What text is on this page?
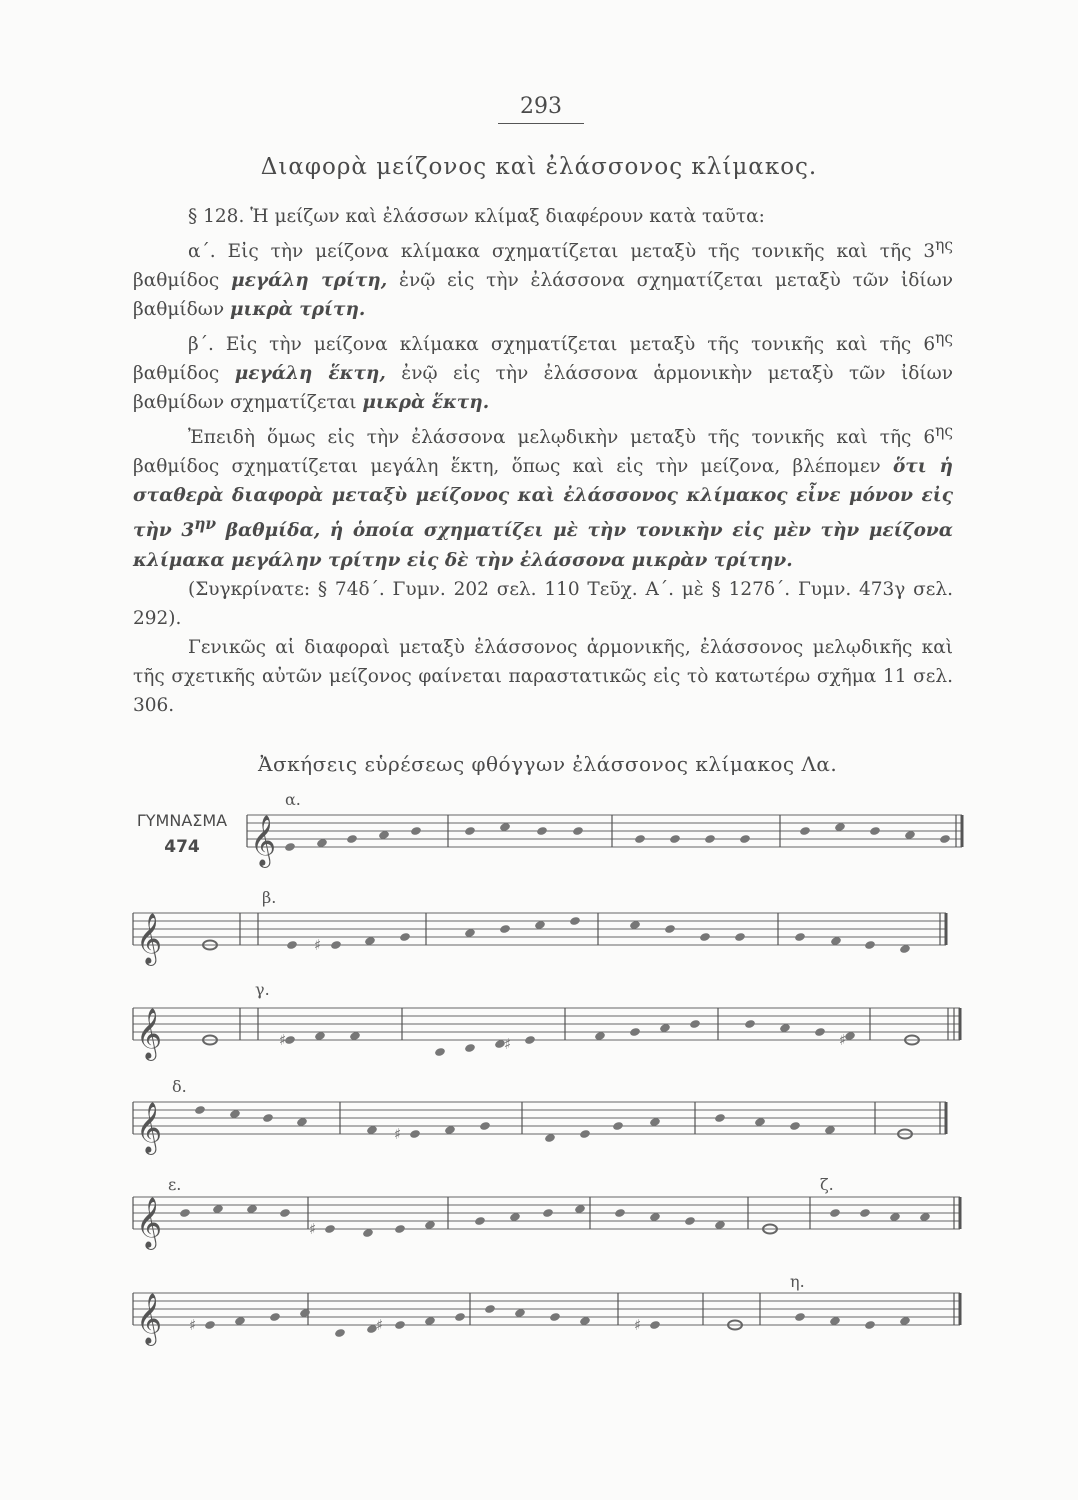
293
Διαφορὰ μείζονος καὶ ἐλάσσονος κλίμακος.

§ 128. Ἡ μείζων καὶ ἐλάσσων κλίμαξ διαφέρουν κατὰ ταῦτα:

α΄. Εἰς τὴν μείζονα κλίμακα σχηματίζεται μεταξὺ τῆς τονικῆς καὶ τῆς $3^{\eta\varsigma}$ βαθμίδος μεγάλη τρίτη, ἐνῷ εἰς τὴν ἐλάσσονα σχηματίζεται μεταξὺ τῶν ἰδίων βαθμίδων μικρὰ τρίτη.

β΄. Εἰς τὴν μείζονα κλίμακα σχηματίζεται μεταξὺ τῆς τονικῆς καὶ τῆς $6^{\eta\varsigma}$ βαθμίδος μεγάλη ἕκτη, ἐνῷ εἰς τὴν ἐλάσσονα ἁρμονικὴν μεταξὺ τῶν ἰδίων βαθμίδων σχηματίζεται μικρὰ ἕκτη.

Ἐπειδὴ ὅμως εἰς τὴν ἐλάσσονα μελῳδικὴν μεταξὺ τῆς τονικῆς καὶ τῆς $6^{\eta\varsigma}$ βαθμίδος σχηματίζεται μεγάλη ἕκτη, ὅπως καὶ εἰς τὴν μείζονα, βλέπομεν ὅτι ἡ σταθερὰ διαφορὰ μεταξὺ μείζονος καὶ ἐλάσσονος κλίμακος εἶνε μόνον εἰς τὴν $3^{\eta\nu}$ βαθμίδα, ἡ ὁποία σχηματίζει μὲ τὴν τονικὴν εἰς μὲν τὴν μείζονα κλίμακα μεγάλην τρίτην εἰς δὲ τὴν ἐλάσσονα μικρὰν τρίτην.

(Συγκρίνατε: § 74δ΄. Γυμν. 202 σελ. 110 Τεῦχ. Α΄. μὲ § 127δ΄. Γυμν. 473γ σελ. 292).

Γενικῶς αἱ διαφοραὶ μεταξὺ ἐλάσσονος ἁρμονικῆς, ἐλάσσονος μελῳδικῆς καὶ τῆς σχετικῆς αὐτῶν μείζονος φαίνεται παραστατικῶς εἰς τὸ κατωτέρω σχῆμα 11 σελ. 306.

Ἀσκήσεις εὑρέσεως φθόγγων ἐλάσσονος κλίμακος Λα.
ΓΥΜΝΑΣΜΑ
474	𝄞
α.
𝄞	♯
β.
𝄞	♯	♯	♯
γ.
𝄞	♯
δ.
𝄞	♯
ε.
𝄞 ♯	♯	♯
η.
ζ.
